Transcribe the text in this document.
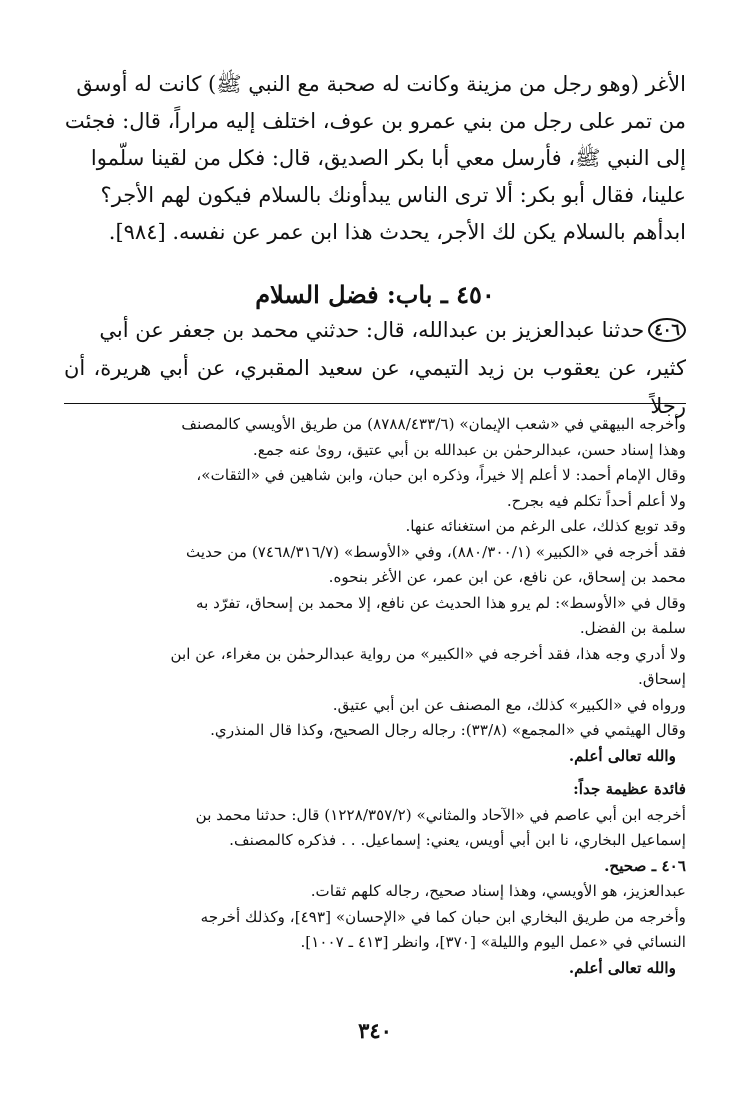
الأغر (وهو رجل من مزينة وكانت له صحبة مع النبي ﷺ) كانت له أوسق

من تمر على رجل من بني عمرو بن عوف، اختلف إليه مراراً، قال: فجئت

إلى النبي ﷺ، فأرسل معي أبا بكر الصديق، قال: فكل من لقينا سلّموا

علينا، فقال أبو بكر: ألا ترى الناس يبدأونك بالسلام فيكون لهم الأجر؟

ابدأهم بالسلام يكن لك الأجر، يحدث هذا ابن عمر عن نفسه. [٩٨٤].

٤٥٠ ـ باب: فضل السلام
٤٠٦حدثنا عبدالعزيز بن عبدالله، قال: حدثني محمد بن جعفر عن أبي
كثير، عن يعقوب بن زيد التيمي، عن سعيد المقبري، عن أبي هريرة، أن رجلاً

وأخرجه البيهقي في «شعب الإيمان» (٨٧٨٨/٤٣٣/٦) من طريق الأويسي كالمصنف

وهذا إسناد حسن، عبدالرحمٰن بن عبدالله بن أبي عتيق، روىٰ عنه جمع.

وقال الإمام أحمد: لا أعلم إلا خيراً، وذكره ابن حبان، وابن شاهين في «الثقات»،

ولا أعلم أحداً تكلم فيه بجرح.

وقد توبع كذلك، على الرغم من استغنائه عنها.

فقد أخرجه في «الكبير» (٨٨٠/٣٠٠/١)، وفي «الأوسط» (٧٤٦٨/٣١٦/٧) من حديث

محمد بن إسحاق، عن نافع، عن ابن عمر، عن الأغر بنحوه.

وقال في «الأوسط»: لم يرو هذا الحديث عن نافع، إلا محمد بن إسحاق، تفرّد به

سلمة بن الفضل.

ولا أدري وجه هذا، فقد أخرجه في «الكبير» من رواية عبدالرحمٰن بن مغراء، عن ابن

إسحاق.

ورواه في «الكبير» كذلك، مع المصنف عن ابن أبي عتيق.

وقال الهيثمي في «المجمع» (٣٣/٨): رجاله رجال الصحيح، وكذا قال المنذري.

والله تعالى أعلم.

فائدة عظيمة جداً:

أخرجه ابن أبي عاصم في «الآحاد والمثاني» (١٢٢٨/٣٥٧/٢) قال: حدثنا محمد بن

إسماعيل البخاري، نا ابن أبي أويس، يعني: إسماعيل. . . فذكره كالمصنف.

٤٠٦ ـ صحيح.

عبدالعزيز، هو الأويسي، وهذا إسناد صحيح، رجاله كلهم ثقات.

وأخرجه من طريق البخاري ابن حبان كما في «الإحسان» [٤٩٣]، وكذلك أخرجه

النسائي في «عمل اليوم والليلة» [٣٧٠]، وانظر [٤١٣ ـ ١٠٠٧].

والله تعالى أعلم.

٣٤٠
